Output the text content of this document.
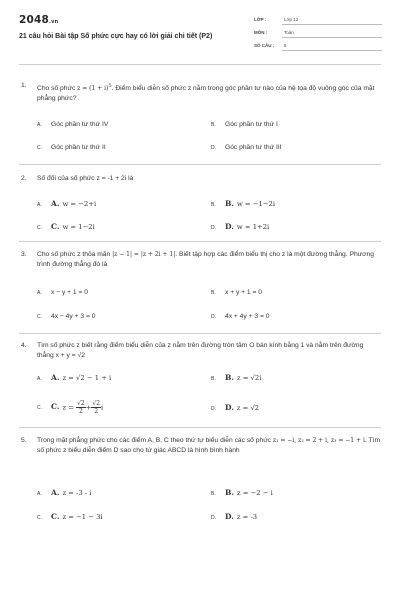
2048.vn
21 câu hỏi Bài tập Số phức cực hay có lời giải chi tiết (P2)
LỚP :	Lớp 12
MÔN :	Toán
SỐ CÂU : 5
1. Cho số phức $z = (1 + i)^5$. Điểm biểu diễn số phức z nằm trong góc phần tư nào của hệ tọa độ vuông góc của mặt phẳng phức?
A. Góc phần tư thứ IV	B. Góc phần tư thứ I
C. Góc phần tư thứ II	D. Góc phần tư thứ III
2. Số đối của số phức z = -1 + 2i là
A. A. w = −2+i	B. B. w = −1−2i
C. C. w = 1−2i	D. D. w = 1+2i
3. Cho số phức z thỏa mãn |z − 1| = |z + 2i + 1|. Biết tập hợp các điểm biểu thị cho z là một đường thẳng. Phương trình đường thẳng đó là
A. x − y + 1 = 0	B. x + y + 1 = 0
C. 4x − 4y + 3 = 0	D. 4x + 4y + 3 = 0
4. Tìm số phức z biết rằng điểm biểu diễn của z nằm trên đường tròn tâm O bán kính bằng 1 và nằm trên đường thẳng x + y = √2
A. A. z = √2 − 1 + i	B. B. z = √2i
C. C. $z = \frac{√2}{2} + \frac{√2}{2}$ i	D. D. z = √2
5. Trong mặt phẳng phức cho các điểm A, B, C theo thứ tự biểu diễn các số phức z₁ = −i, z₂ = 2 + i, z₃ = −1 + i. Tìm số phức z biểu diễn điểm D sao cho tứ giác ABCD là hình bình hành
A. A. z = -3 - i	B. B. z = −2 − i
C. C. z = −1 − 3i	D. D. z = -3
